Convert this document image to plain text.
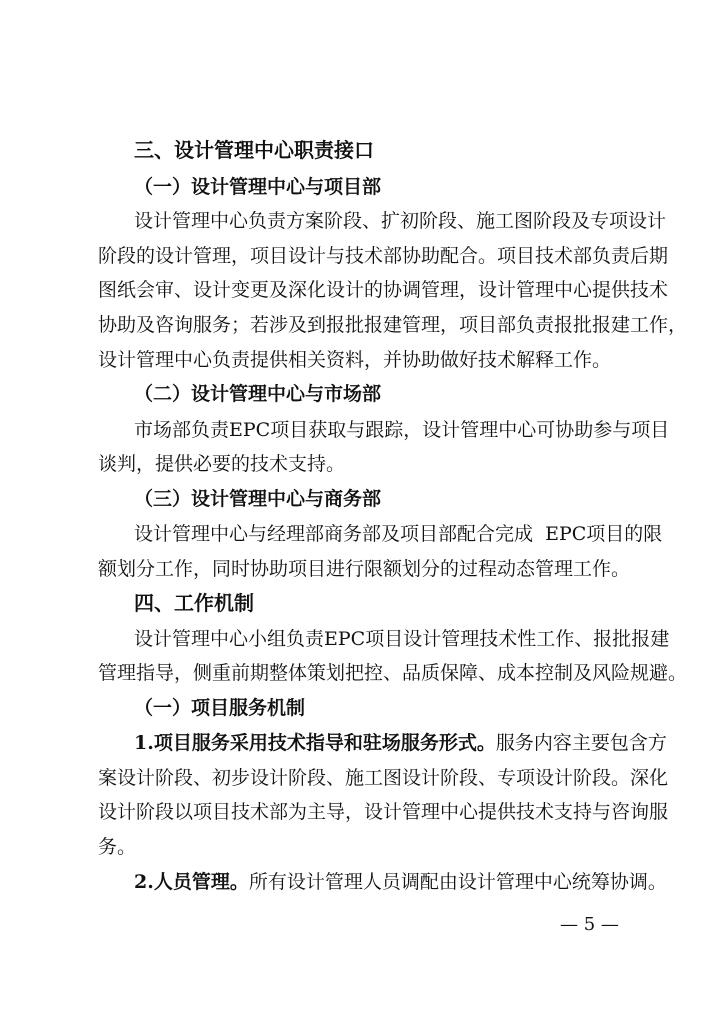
三、设计管理中心职责接口
（一）设计管理中心与项目部
设计管理中心负责方案阶段、扩初阶段、施工图阶段及专项设计
阶段的设计管理，项目设计与技术部协助配合。项目技术部负责后期
图纸会审、设计变更及深化设计的协调管理，设计管理中心提供技术
协助及咨询服务；若涉及到报批报建管理，项目部负责报批报建工作，
设计管理中心负责提供相关资料，并协助做好技术解释工作。
（二）设计管理中心与市场部
市场部负责EPC项目获取与跟踪，设计管理中心可协助参与项目
谈判，提供必要的技术支持。
（三）设计管理中心与商务部
设计管理中心与经理部商务部及项目部配合完成  EPC项目的限
额划分工作，同时协助项目进行限额划分的过程动态管理工作。
四、工作机制
设计管理中心小组负责EPC项目设计管理技术性工作、报批报建
管理指导，侧重前期整体策划把控、品质保障、成本控制及风险规避。
（一）项目服务机制
1.项目服务采用技术指导和驻场服务形式。服务内容主要包含方
案设计阶段、初步设计阶段、施工图设计阶段、专项设计阶段。深化
设计阶段以项目技术部为主导，设计管理中心提供技术支持与咨询服
务。
2.人员管理。所有设计管理人员调配由设计管理中心统筹协调。
— 5 —
